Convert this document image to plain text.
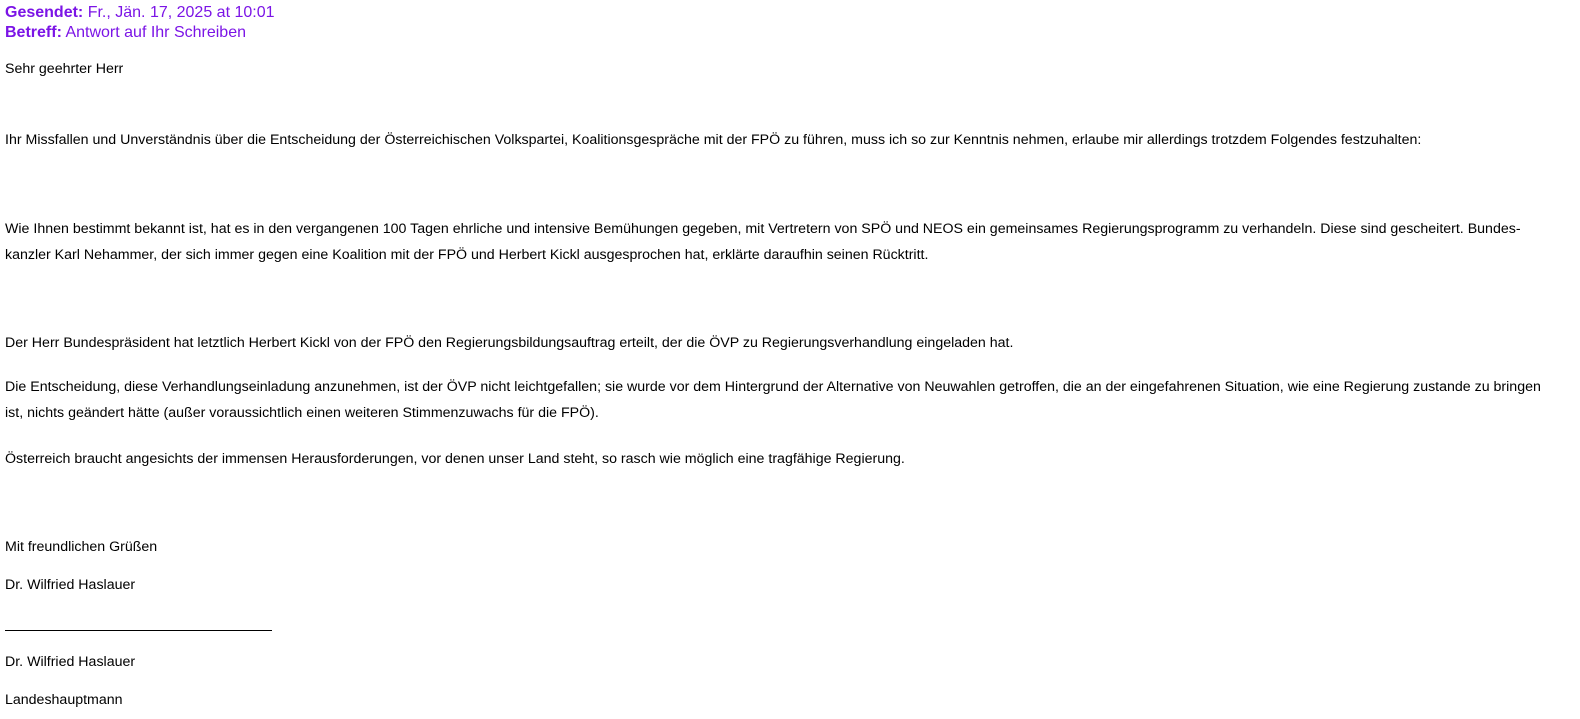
Gesendet: Fr., Jän. 17, 2025 at 10:01
Betreff: Antwort auf Ihr Schreiben
Sehr geehrter Herr
Ihr Missfallen und Unverständnis über die Entscheidung der Österreichischen Volkspartei, Koalitionsgespräche mit der FPÖ zu führen, muss ich so zur Kenntnis nehmen, erlaube mir allerdings trotzdem Folgendes festzuhalten:
Wie Ihnen bestimmt bekannt ist, hat es in den vergangenen 100 Tagen ehrliche und intensive Bemühungen gegeben, mit Vertretern von SPÖ und NEOS ein gemeinsames Regierungsprogramm zu verhandeln. Diese sind gescheitert. Bundes-
kanzler Karl Nehammer, der sich immer gegen eine Koalition mit der FPÖ und Herbert Kickl ausgesprochen hat, erklärte daraufhin seinen Rücktritt.
Der Herr Bundespräsident hat letztlich Herbert Kickl von der FPÖ den Regierungsbildungsauftrag erteilt, der die ÖVP zu Regierungsverhandlung eingeladen hat.
Die Entscheidung, diese Verhandlungseinladung anzunehmen, ist der ÖVP nicht leichtgefallen; sie wurde vor dem Hintergrund der Alternative von Neuwahlen getroffen, die an der eingefahrenen Situation, wie eine Regierung zustande zu bringen
ist, nichts geändert hätte (außer voraussichtlich einen weiteren Stimmenzuwachs für die FPÖ).
Österreich braucht angesichts der immensen Herausforderungen, vor denen unser Land steht, so rasch wie möglich eine tragfähige Regierung.
Mit freundlichen Grüßen
Dr. Wilfried Haslauer
Dr. Wilfried Haslauer
Landeshauptmann
